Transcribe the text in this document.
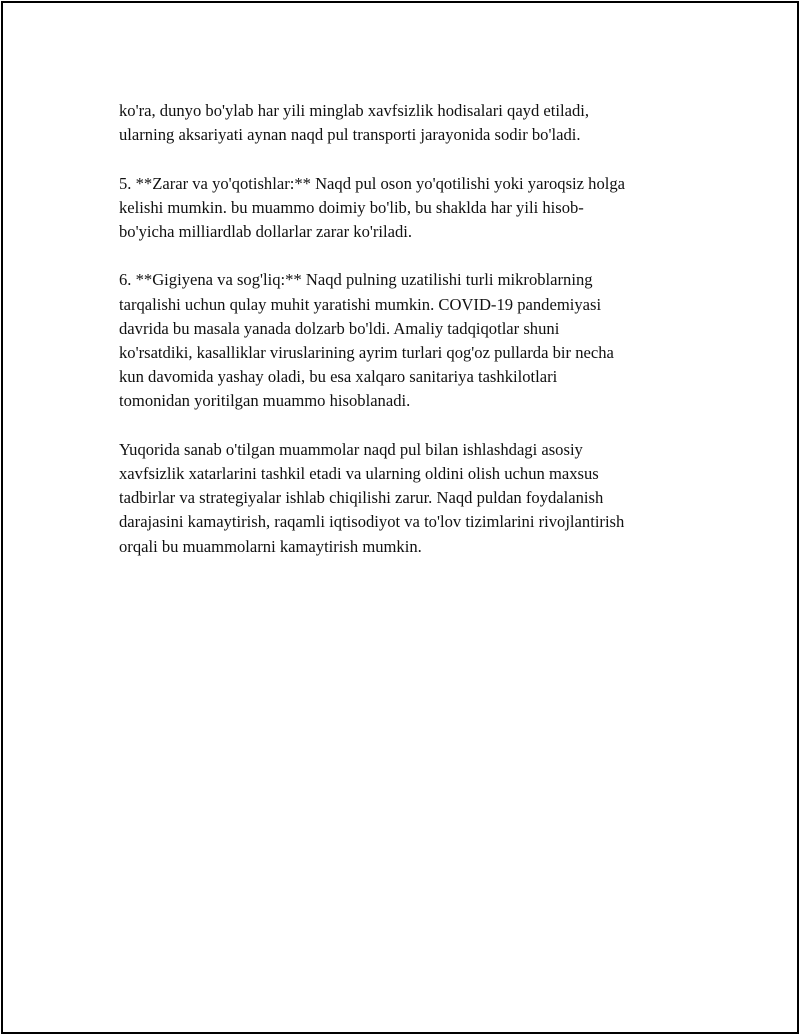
ko'ra, dunyo bo'ylab har yili minglab xavfsizlik hodisalari qayd etiladi,
ularning aksariyati aynan naqd pul transporti jarayonida sodir bo'ladi.

5. **Zarar va yo'qotishlar:** Naqd pul oson yo'qotilishi yoki yaroqsiz holga
kelishi mumkin. bu muammo doimiy bo'lib, bu shaklda har yili hisob-
bo'yicha milliardlab dollarlar zarar ko'riladi.

6. **Gigiyena va sog'liq:** Naqd pulning uzatilishi turli mikroblarning
tarqalishi uchun qulay muhit yaratishi mumkin. COVID-19 pandemiyasi
davrida bu masala yanada dolzarb bo'ldi. Amaliy tadqiqotlar shuni
ko'rsatdiki, kasalliklar viruslarining ayrim turlari qog'oz pullarda bir necha
kun davomida yashay oladi, bu esa xalqaro sanitariya tashkilotlari
tomonidan yoritilgan muammo hisoblanadi.

Yuqorida sanab o'tilgan muammolar naqd pul bilan ishlashdagi asosiy
xavfsizlik xatarlarini tashkil etadi va ularning oldini olish uchun maxsus
tadbirlar va strategiyalar ishlab chiqilishi zarur. Naqd puldan foydalanish
darajasini kamaytirish, raqamli iqtisodiyot va to'lov tizimlarini rivojlantirish
orqali bu muammolarni kamaytirish mumkin.
